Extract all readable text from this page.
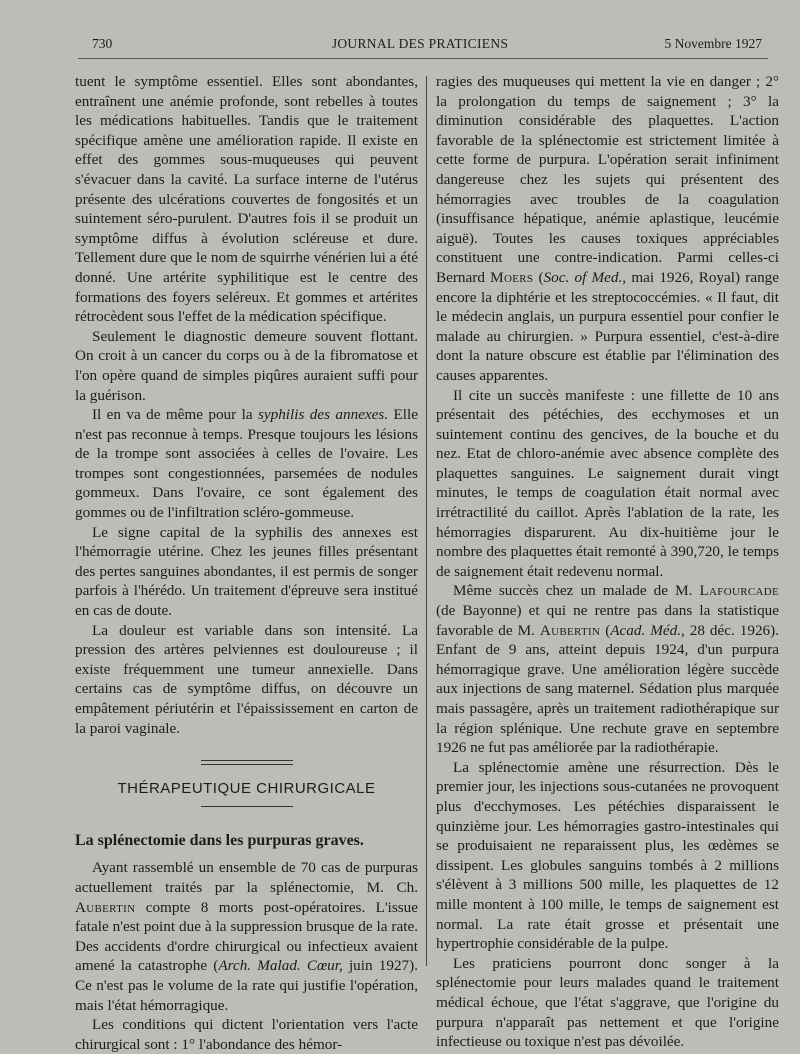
730	JOURNAL DES PRATICIENS	5 Novembre 1927

tuent le symptôme essentiel. Elles sont abondantes, entraînent une anémie profonde, sont rebelles à toutes les médications habituelles. Tandis que le traitement spécifique amène une amélioration rapide. Il existe en effet des gommes sous-muqueuses qui peuvent s'évacuer dans la cavité. La surface interne de l'utérus présente des ulcérations couvertes de fongosités et un suintement séro-purulent. D'autres fois il se produit un symptôme diffus à évolution scléreuse et dure. Tellement dure que le nom de squirrhe vénérien lui a été donné. Une artérite syphilitique est le centre des formations des foyers seléreux. Et gommes et artérites rétrocèdent sous l'effet de la médication spécifique.

Seulement le diagnostic demeure souvent flottant. On croit à un cancer du corps ou à de la fibromatose et l'on opère quand de simples piqûres auraient suffi pour la guérison.

Il en va de même pour la syphilis des annexes. Elle n'est pas reconnue à temps. Presque toujours les lésions de la trompe sont associées à celles de l'ovaire. Les trompes sont congestionnées, parsemées de nodules gommeux. Dans l'ovaire, ce sont également des gommes ou de l'infiltration scléro-gommeuse.

Le signe capital de la syphilis des annexes est l'hémorragie utérine. Chez les jeunes filles présentant des pertes sanguines abondantes, il est permis de songer parfois à l'hérédo. Un traitement d'épreuve sera institué en cas de doute.

La douleur est variable dans son intensité. La pression des artères pelviennes est douloureuse ; il existe fréquemment une tumeur annexielle. Dans certains cas de symptôme diffus, on découvre un empâtement périutérin et l'épaississement en carton de la paroi vaginale.

THÉRAPEUTIQUE CHIRURGICALE
La splénectomie dans les purpuras graves.

Ayant rassemblé un ensemble de 70 cas de purpuras actuellement traités par la splénectomie, M. Ch. Aubertin compte 8 morts post-opératoires. L'issue fatale n'est point due à la suppression brusque de la rate. Des accidents d'ordre chirurgical ou infectieux avaient amené la catastrophe (Arch. Malad. Cœur, juin 1927). Ce n'est pas le volume de la rate qui justifie l'opération, mais l'état hémorragique.

Les conditions qui dictent l'orientation vers l'acte chirurgical sont : 1° l'abondance des hémor-

ragies des muqueuses qui mettent la vie en danger ; 2° la prolongation du temps de saignement ; 3° la diminution considérable des plaquettes. L'action favorable de la splénectomie est strictement limitée à cette forme de purpura. L'opération serait infiniment dangereuse chez les sujets qui présentent des hémorragies avec troubles de la coagulation (insuffisance hépatique, anémie aplastique, leucémie aiguë). Toutes les causes toxiques appréciables constituent une contre-indication. Parmi celles-ci Bernard Moers (Soc. of Med., mai 1926, Royal) range encore la diphtérie et les streptococcémies. « Il faut, dit le médecin anglais, un purpura essentiel pour confier le malade au chirurgien. » Purpura essentiel, c'est-à-dire dont la nature obscure est établie par l'élimination des causes apparentes.

Il cite un succès manifeste : une fillette de 10 ans présentait des pétéchies, des ecchymoses et un suintement continu des gencives, de la bouche et du nez. Etat de chloro-anémie avec absence complète des plaquettes sanguines. Le saignement durait vingt minutes, le temps de coagulation était normal avec irrétractilité du caillot. Après l'ablation de la rate, les hémorragies disparurent. Au dix-huitième jour le nombre des plaquettes était remonté à 390,720, le temps de saignement était redevenu normal.

Même succès chez un malade de M. Lafourcade (de Bayonne) et qui ne rentre pas dans la statistique favorable de M. Aubertin (Acad. Méd., 28 déc. 1926). Enfant de 9 ans, atteint depuis 1924, d'un purpura hémorragique grave. Une amélioration légère succède aux injections de sang maternel. Sédation plus marquée mais passagère, après un traitement radiothérapique sur la région splénique. Une rechute grave en septembre 1926 ne fut pas améliorée par la radiothérapie.

La splénectomie amène une résurrection. Dès le premier jour, les injections sous-cutanées ne provoquent plus d'ecchymoses. Les pétéchies disparaissent le quinzième jour. Les hémorragies gastro-intestinales qui se produisaient ne reparaissent plus, les œdèmes se dissipent. Les globules sanguins tombés à 2 millions s'élèvent à 3 millions 500 mille, les plaquettes de 12 mille montent à 100 mille, le temps de saignement est normal. La rate était grosse et présentait une hypertrophie considérable de la pulpe.

Les praticiens pourront donc songer à la splénectomie pour leurs malades quand le traitement médical échoue, que l'état s'aggrave, que l'origine du purpura n'apparaît pas nettement et que l'origine infectieuse ou toxique n'est pas dévoilée.
